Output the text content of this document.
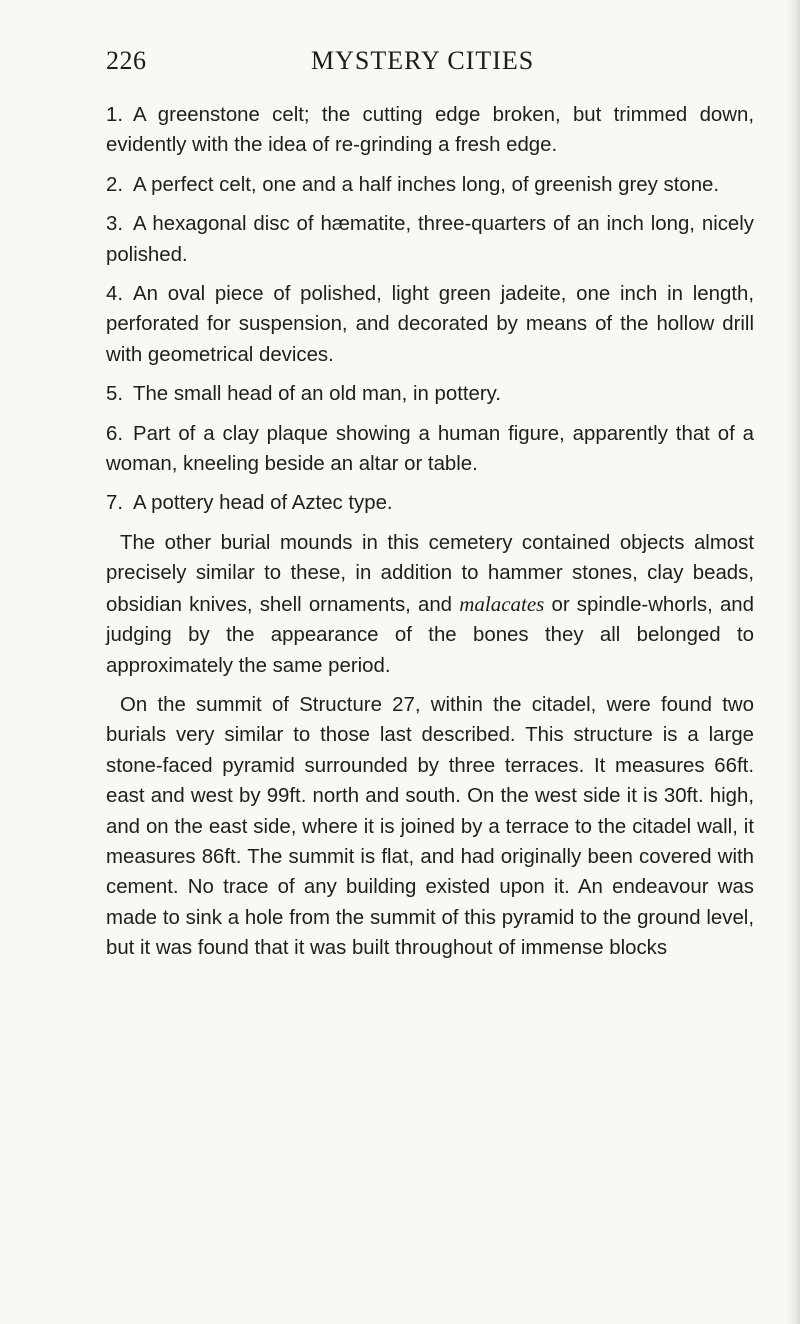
226	MYSTERY CITIES

1. A greenstone celt; the cutting edge broken, but trimmed down, evidently with the idea of re-grinding a fresh edge.

2. A perfect celt, one and a half inches long, of greenish grey stone.

3. A hexagonal disc of hæmatite, three-quarters of an inch long, nicely polished.

4. An oval piece of polished, light green jadeite, one inch in length, perforated for suspension, and decorated by means of the hollow drill with geometrical devices.

5. The small head of an old man, in pottery.

6. Part of a clay plaque showing a human figure, apparently that of a woman, kneeling beside an altar or table.

7. A pottery head of Aztec type.

The other burial mounds in this cemetery contained objects almost precisely similar to these, in addition to hammer stones, clay beads, obsidian knives, shell ornaments, and malacates or spindle-whorls, and judging by the appearance of the bones they all belonged to approximately the same period.

On the summit of Structure 27, within the citadel, were found two burials very similar to those last described. This structure is a large stone-faced pyramid surrounded by three terraces. It measures 66ft. east and west by 99ft. north and south. On the west side it is 30ft. high, and on the east side, where it is joined by a terrace to the citadel wall, it measures 86ft. The summit is flat, and had originally been covered with cement. No trace of any building existed upon it. An endeavour was made to sink a hole from the summit of this pyramid to the ground level, but it was found that it was built throughout of immense blocks
